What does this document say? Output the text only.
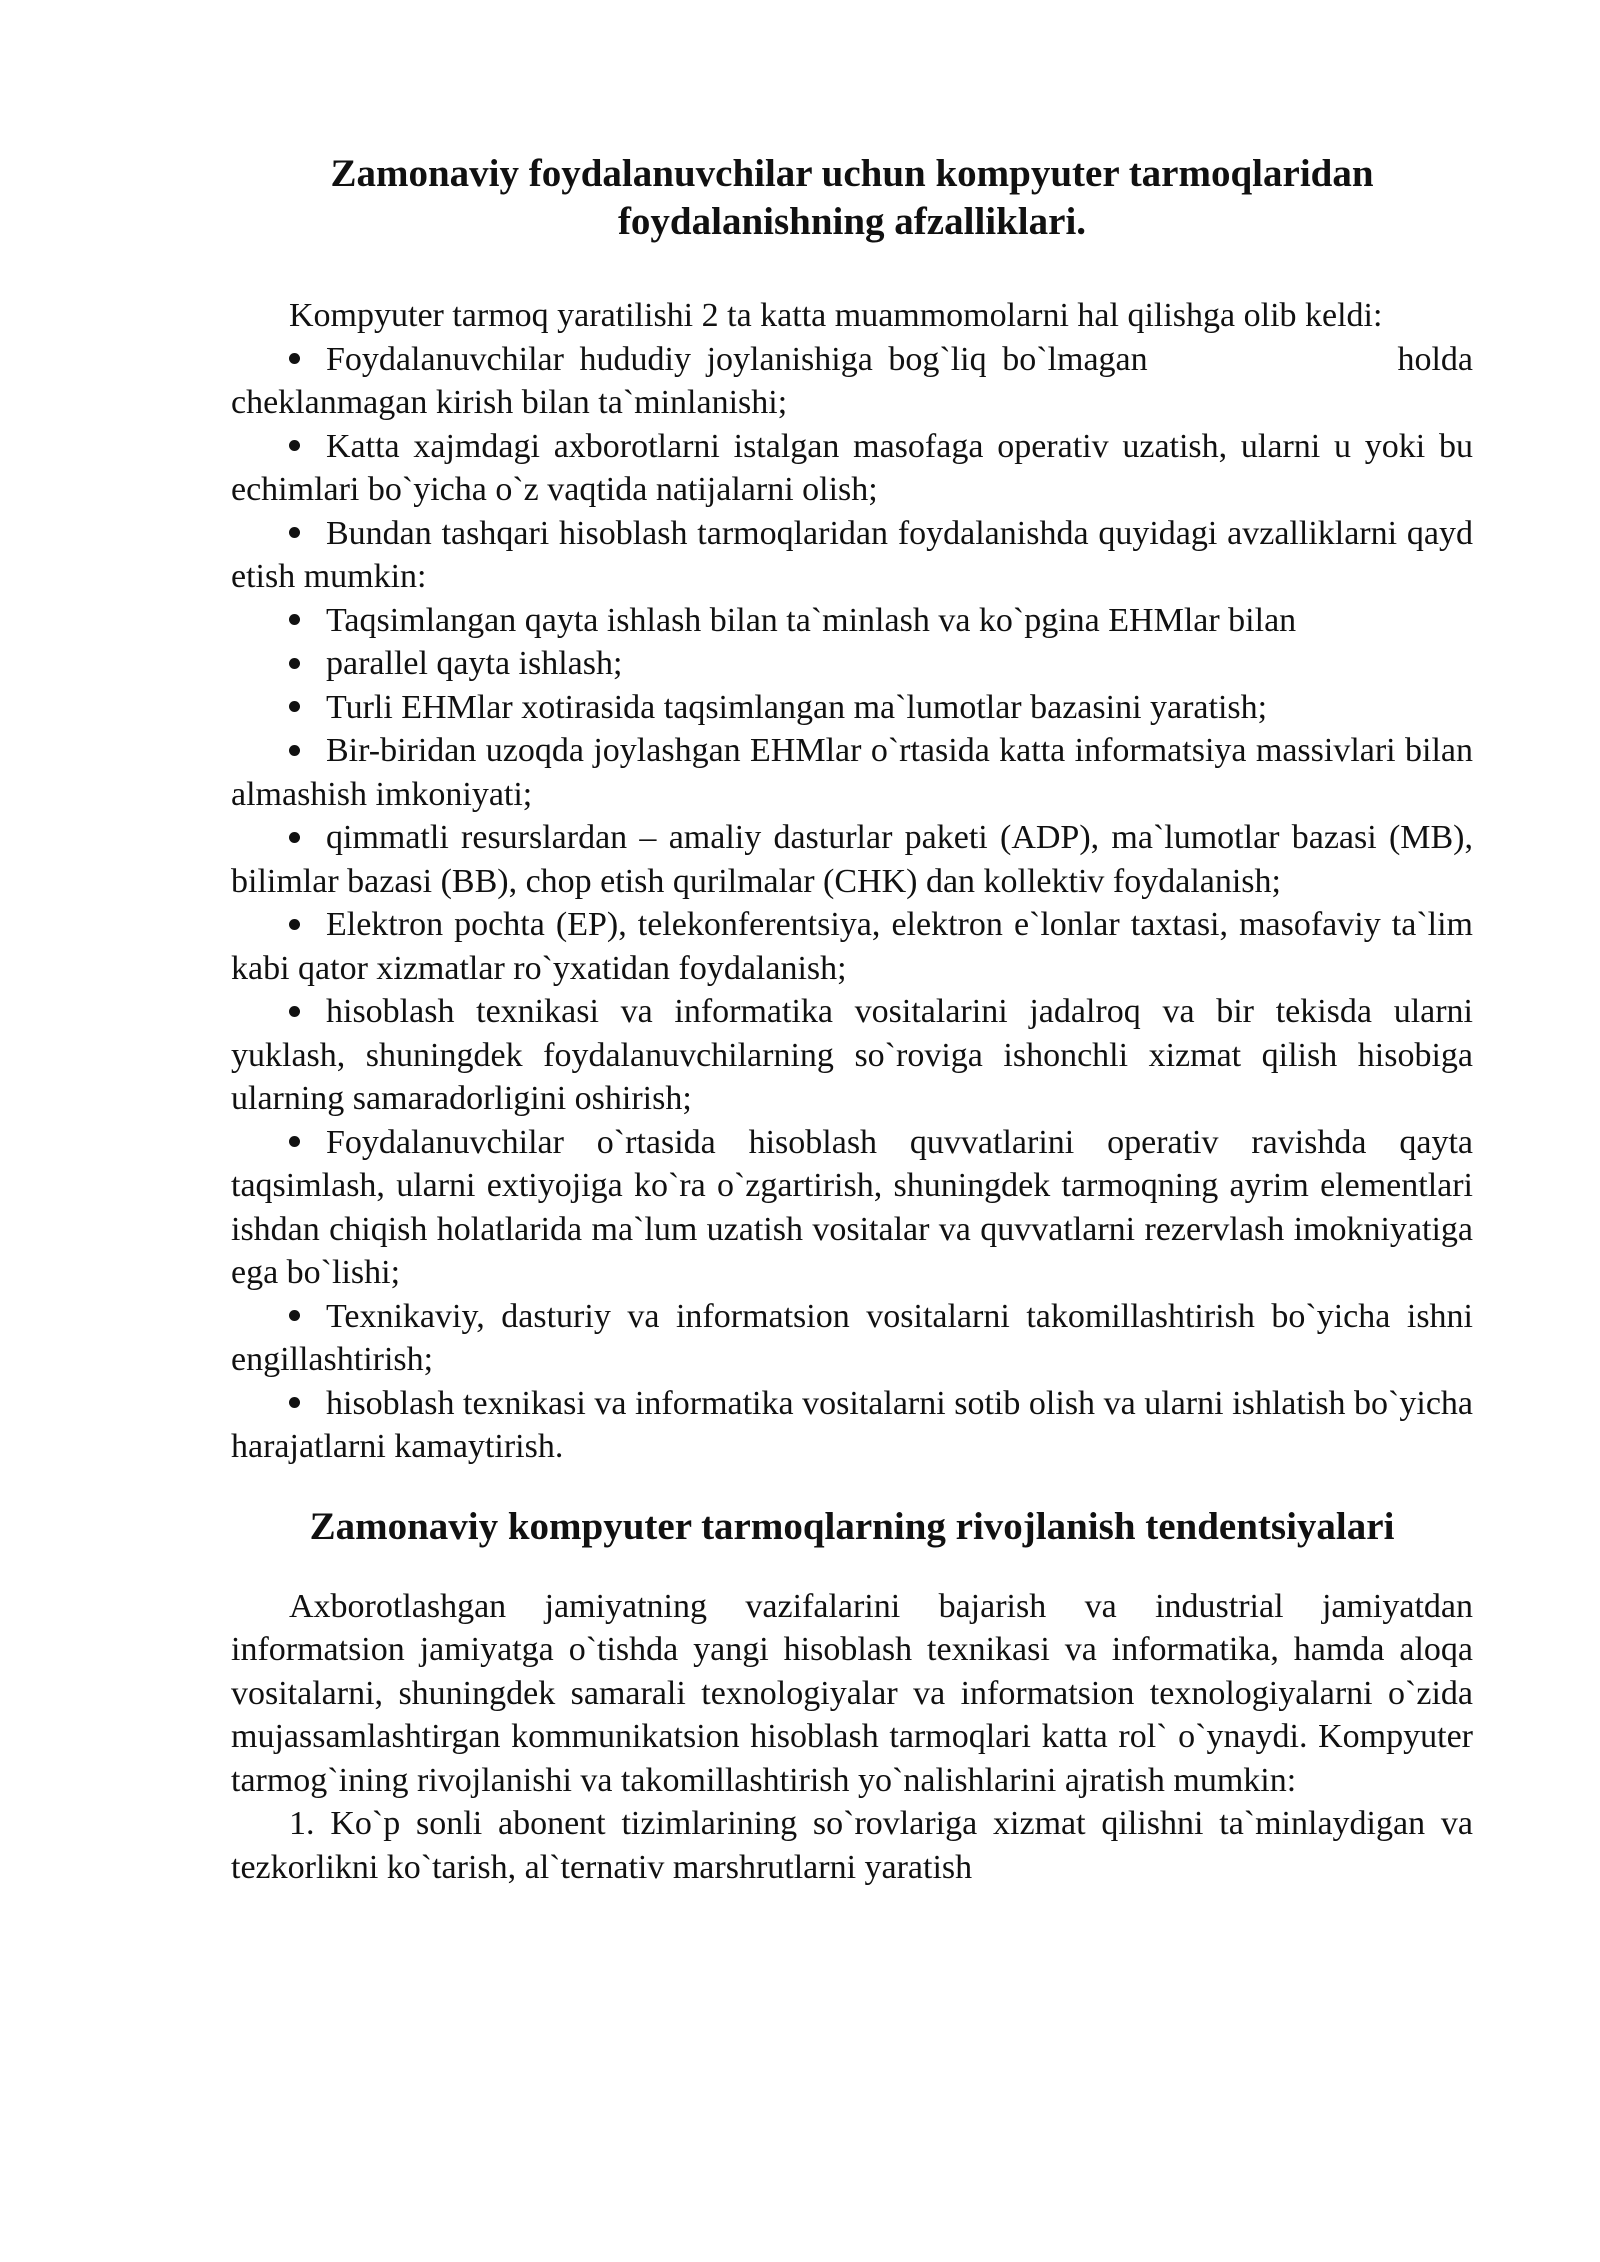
Zamonaviy foydalanuvchilar uchun kompyuter tarmoqlaridan foydalanishning afzalliklari.

Kompyuter tarmoq yaratilishi 2 ta katta muammomolarni hal qilishga olib keldi:

Foydalanuvchilar hududiy joylanishiga bog`liq bo`lmagan                holda cheklanmagan kirish bilan ta`minlanishi;

Katta xajmdagi axborotlarni istalgan masofaga operativ uzatish, ularni u yoki bu echimlari bo`yicha o`z vaqtida natijalarni olish;

Bundan tashqari hisoblash tarmoqlaridan foydalanishda quyidagi avzalliklarni qayd etish mumkin:

Taqsimlangan qayta ishlash bilan ta`minlash va ko`pgina EHMlar bilan

parallel qayta ishlash;

Turli EHMlar xotirasida taqsimlangan ma`lumotlar bazasini yaratish;

Bir-biridan uzoqda joylashgan EHMlar o`rtasida katta informatsiya massivlari bilan almashish imkoniyati;

qimmatli resurslardan – amaliy dasturlar paketi (ADP), ma`lumotlar bazasi (MB), bilimlar bazasi (BB), chop etish qurilmalar (CHK) dan kollektiv foydalanish;

Elektron pochta (EP), telekonferentsiya, elektron e`lonlar taxtasi, masofaviy ta`lim kabi qator xizmatlar ro`yxatidan foydalanish;

hisoblash texnikasi va informatika vositalarini jadalroq va bir tekisda ularni yuklash, shuningdek foydalanuvchilarning so`roviga ishonchli xizmat qilish hisobiga ularning samaradorligini oshirish;

Foydalanuvchilar o`rtasida hisoblash quvvatlarini operativ ravishda qayta taqsimlash, ularni extiyojiga ko`ra o`zgartirish, shuningdek tarmoqning ayrim elementlari ishdan chiqish holatlarida ma`lum uzatish vositalar va quvvatlarni rezervlash imokniyatiga ega bo`lishi;

Texnikaviy, dasturiy va informatsion vositalarni takomillashtirish bo`yicha ishni engillashtirish;

hisoblash texnikasi va informatika vositalarni sotib olish va ularni ishlatish bo`yicha harajatlarni kamaytirish.

Zamonaviy kompyuter tarmoqlarning rivojlanish tendentsiyalari

Axborotlashgan jamiyatning vazifalarini bajarish va industrial jamiyatdan informatsion jamiyatga o`tishda yangi hisoblash texnikasi va informatika, hamda aloqa vositalarni, shuningdek samarali texnologiyalar va informatsion texnologiyalarni o`zida mujassamlashtirgan kommunikatsion hisoblash tarmoqlari katta rol` o`ynaydi. Kompyuter tarmog`ining rivojlanishi va takomillashtirish yo`nalishlarini ajratish mumkin:

1. Ko`p sonli abonent tizimlarining so`rovlariga xizmat qilishni ta`minlaydigan va tezkorlikni ko`tarish, al`ternativ marshrutlarni yaratish
